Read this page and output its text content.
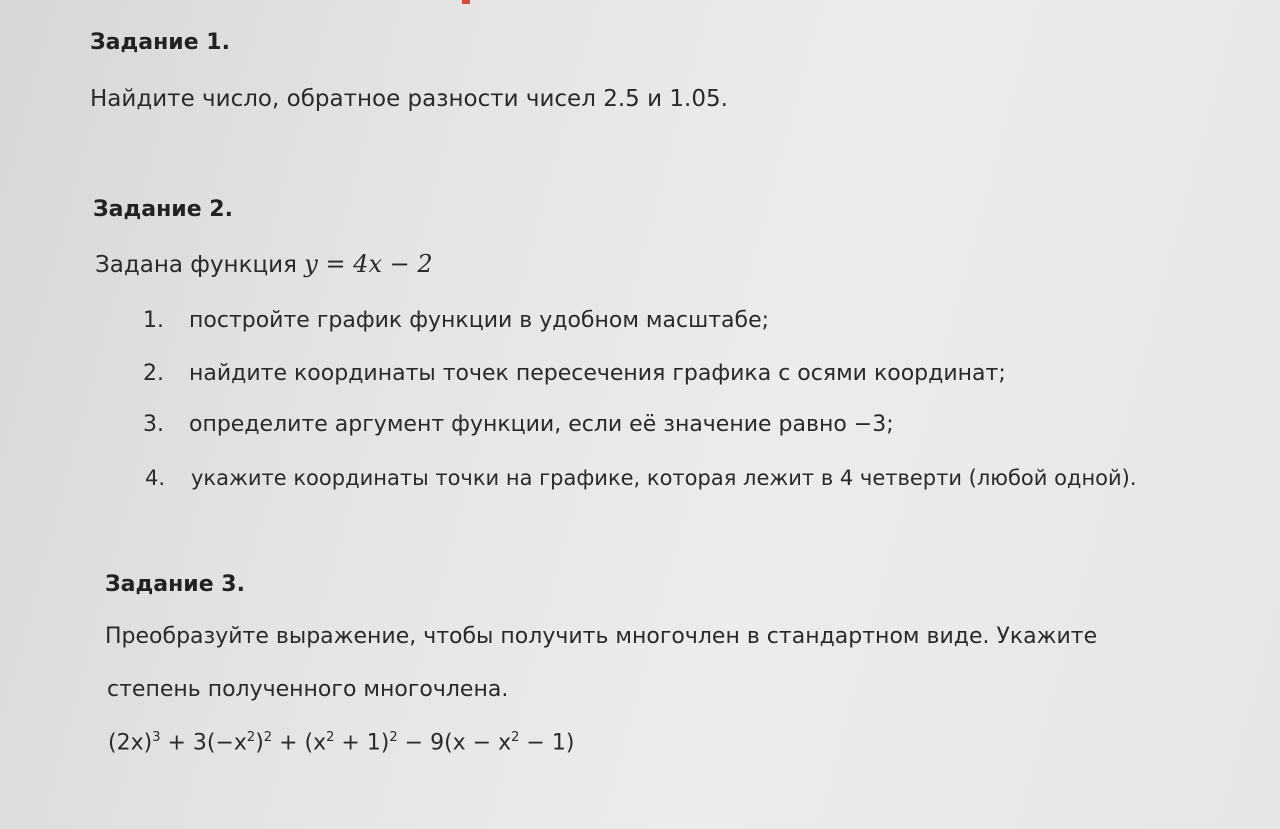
Задание 1.
Найдите число, обратное разности чисел 2.5 и 1.05.
Задание 2.
Задана функция y = 4x − 2
1. постройте график функции в удобном масштабе;
2. найдите координаты точек пересечения графика с осями координат;
3. определите аргумент функции, если её значение равно −3;
4. укажите координаты точки на графике, которая лежит в 4 четверти (любой одной).
Задание 3.
Преобразуйте выражение, чтобы получить многочлен в стандартном виде. Укажите
степень полученного многочлена.
$(2x)^3 + 3(-x^2)^2 + (x^2 + 1)^2 - 9(x - x^2 - 1)$
